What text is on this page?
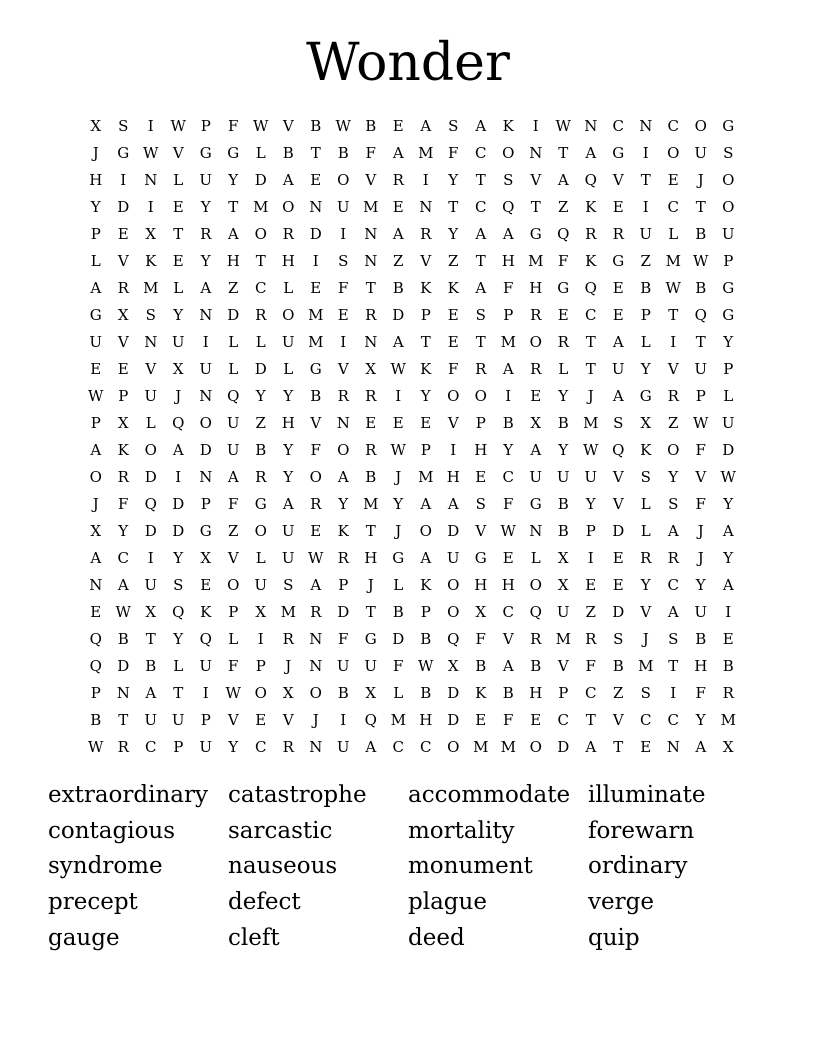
Wonder
X	S	I	W P	F W V	B W B	E	A	S	A	K	I	W N	C	N	C	O	G
J	G W V	G	G	L	B	T	B	F	A M F	C	O N	T	A	G	I	O	U	S
H	I	N	L	U	Y	D	A	E	O	V	R	I	Y	T	S	V	A	Q	V	T	E	J	O
Y	D	I	E	Y	T M O N U M E	N	T	C	Q	T	Z	K	E	I	C	T	O
P	E	X	T	R	A	O	R	D	I	N	A	R	Y	A	A	G	Q	R	R	U	L	B	U
L	V	K	E	Y	H	T	H	I	S	N	Z	V	Z	T	H M F	K	G	Z M W P
A	R M L	A	Z	C	L	E	F	T	B	K	K	A	F	H G	Q	E	B W B	G
G	X	S	Y	N D	R	O M E	R	D	P	E	S	P	R	E	C	E	P	T	Q	G
U	V	N U	I	L	L	U M	I	N	A	T	E	T M O	R	T	A	L	I	T	Y
E	E	V	X	U	L	D	L	G	V	X W K	F	R	A	R	L	T	U	Y	V	U	P
W P	U	J	N Q	Y	Y	B	R	R	I	Y	O	O	I	E	Y	J	A	G	R	P	L
P	X	L	Q	O	U	Z	H	V	N	E	E	E	V	P	B	X	B M S	X	Z W U
A	K	O	A	D	U	B	Y	F	O	R W P	I	H	Y	A	Y W Q	K	O	F	D
O	R	D	I	N	A	R	Y	O	A	B	J	M H	E	C	U U U	V	S	Y	V W
J	F	Q	D	P	F	G	A	R	Y M Y	A	A	S	F	G	B	Y	V	L	S	F	Y
X	Y	D	D	G	Z	O	U	E	K	T	J	O	D	V W N	B	P	D	L	A	J	A
A	C	I	Y	X	V	L	U W R	H G	A	U	G	E	L	X	I	E	R	R	J	Y
N	A	U	S	E	O	U	S	A	P	J	L	K	O H H O	X	E	E	Y	C	Y	A
E W X	Q	K	P	X M R	D	T	B	P	O	X	C	Q	U	Z	D	V	A	U	I
Q	B	T	Y	Q	L	I	R	N	F	G	D	B	Q	F	V	R M R	S	J	S	B	E
Q	D	B	L	U	F	P	J	N U U	F W X	B	A	B	V	F	B M T	H	B
P	N	A	T	I	W O	X	O	B	X	L	B	D	K	B	H	P	C	Z	S	I	F	R
B	T	U U	P	V	E	V	J	I	Q M H D	E	F	E	C	T	V	C	C	Y M
W R	C	P	U	Y	C	R	N U	A	C	C	O M M O	D	A	T	E	N	A	X
extraordinary catastrophe	accommodate illuminate
contagious	sarcastic	mortality	forewarn
syndrome	nauseous	monument	ordinary
precept	defect	plague	verge
gauge	cleft	deed	quip
